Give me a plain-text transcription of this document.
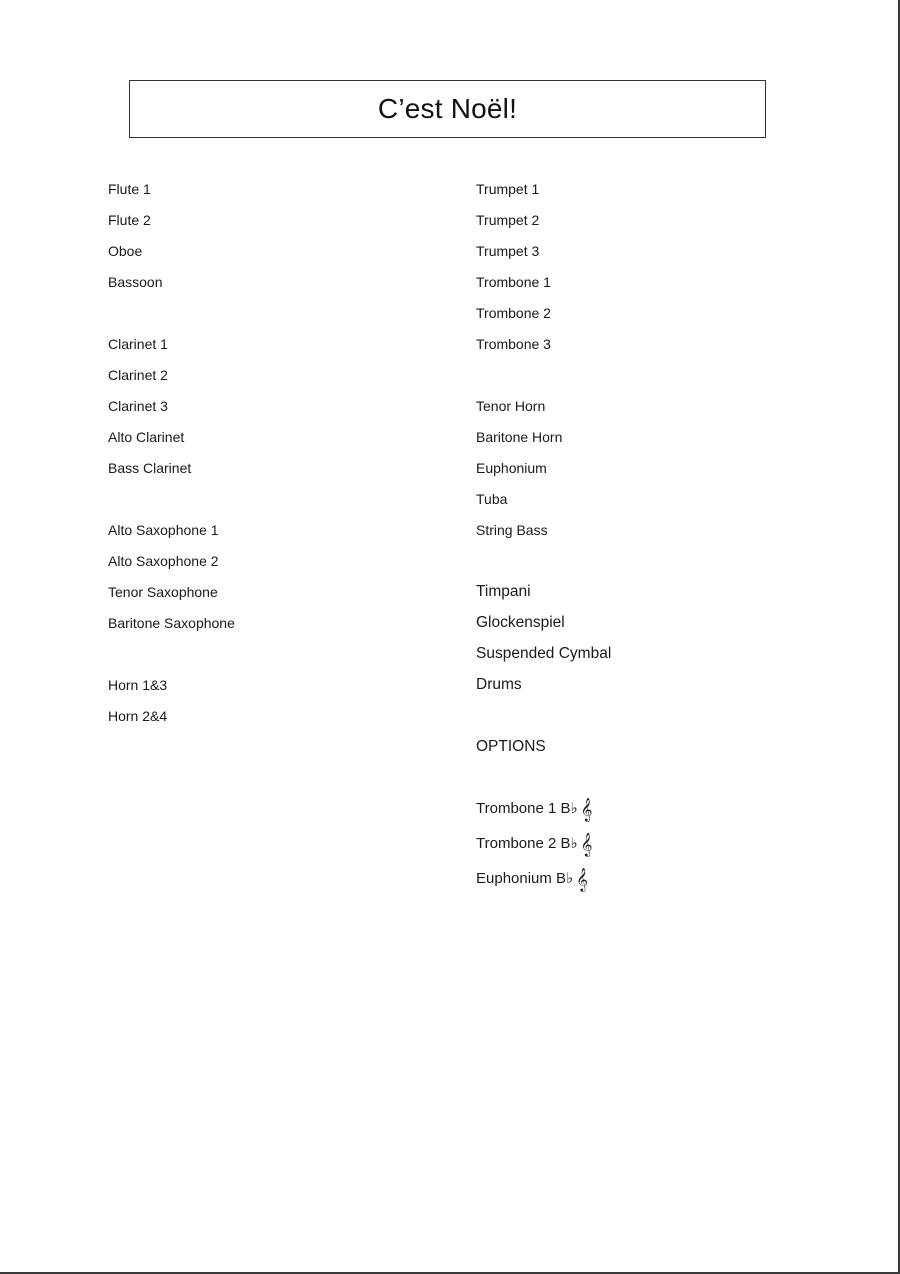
C’est Noël!
Flute 1
Flute 2
Oboe
Bassoon
Clarinet 1
Clarinet 2
Clarinet 3
Alto Clarinet
Bass Clarinet
Alto Saxophone 1
Alto Saxophone 2
Tenor Saxophone
Baritone Saxophone
Horn 1&3
Horn 2&4
Trumpet 1
Trumpet 2
Trumpet 3
Trombone 1
Trombone 2
Trombone 3
Tenor Horn
Baritone Horn
Euphonium
Tuba
String Bass
Timpani
Glockenspiel
Suspended Cymbal
Drums
OPTIONS
Trombone 1 B♭ 𝄞
Trombone 2 B♭ 𝄞
Euphonium B♭ 𝄞
